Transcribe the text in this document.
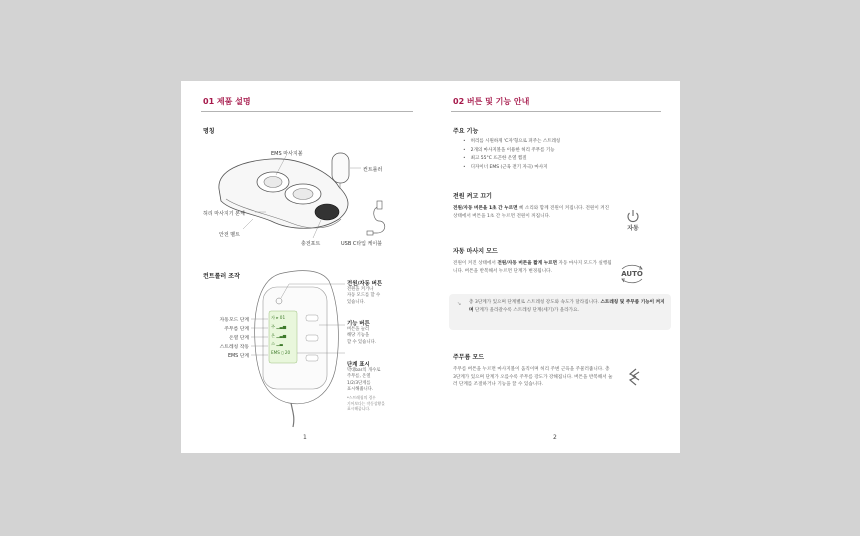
01 제품 설명
명칭
EMS 마사지볼
컨트롤러
허리 마사지기 본체
안전 벨트
충전포트	USB C타입 케이블
컨트롤러 조작
자 ▸ 01
주 ▁▃▅
온 ▁▃▅
스 ▁▃
EMS ▯ 20
자동모드 단계
주무름 단계
온열 단계
스트레칭 작동
EMS 단계
전원/자동 버튼
전원을 켜거나
자동 모드를 할 수
있습니다.
기능 버튼
버튼을 눌러
해당 기능을
할 수 있습니다.
단계 표시
막대bar의 개수로
주무름, 온열
1/2/3단계를
표시해줍니다.
*스트레칭의 경우
기어보다는 작동상황을
표시해줍니다.
1
02 버튼 및 기능 안내
주요 기능
• 허리를 시원하게 'C자'형으로 펴주는 스트레칭
• 2개의 마사지볼을 이용한 허리 주무름 기능
• 최고 55°C 뜨끈한 온열 찜질
• 디자이너 EMS (근육 전기 자극) 마사지
전원 켜고 끄기
전원/자동 버튼을 1초 간 누르면 삐 소리와 함께 전원이 켜집니다. 전원이 켜진 상태에서 버튼을 1초 간 누르면 전원이 꺼집니다.
자동
자동 마사지 모드
전원이 켜진 상태에서 전원/자동 버튼을 짧게 누르면 자동 마사지 모드가 실행됩니다. 버튼을 반복해서 누르면 단계가 변경됩니다.	AUTO
↘ 총 3단계가 있으며 단계별로 스트레칭 강도와 속도가 달라집니다. 스트레칭 및 주무름 기능이 켜지며 단계가 올라갈수록 스트레칭 단계(세기)가 올라가요.
주무름 모드
주무름 버튼을 누르면 마사지볼이 움직이며 허리 주변 근육을 주물러줍니다. 총 3단계가 있으며 단계가 오를수록 주무름 강도가 강해집니다. 버튼을 반복해서 눌러 단계를 조절하거나 기능을 끌 수 있습니다.
2
